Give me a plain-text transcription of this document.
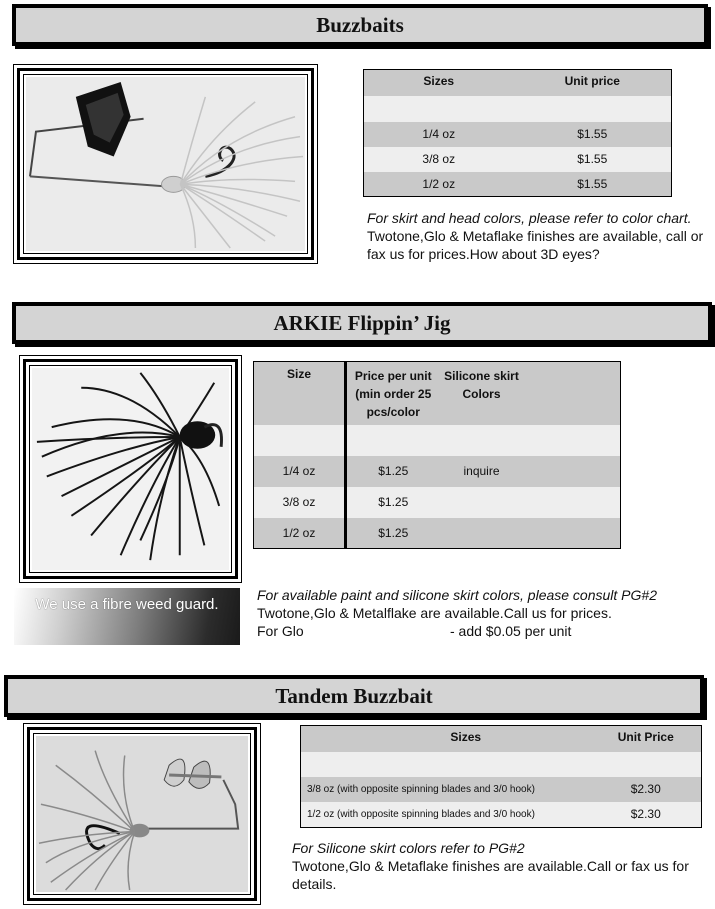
Buzzbaits
Sizes	Unit price

1/4 oz	$1.55
3/8 oz	$1.55
1/2 oz	$1.55
For skirt and head colors, please refer to color chart.
Twotone,Glo & Metaflake finishes are available, call or fax us for prices.How about 3D eyes?
ARKIE Flippin’ Jig
We use a fibre weed guard.
Size	Price per unit (min order 25 pcs/color	Silicone skirt Colors	

1/4 oz	$1.25	inquire	
3/8 oz	$1.25		
1/2 oz	$1.25		
For available paint and silicone skirt colors, please consult PG#2
Twotone,Glo & Metalflake are available.Call us for prices.
For Glo	- add $0.05 per unit
Tandem Buzzbait
Sizes	Unit Price

3/8 oz (with opposite spinning blades and 3/0 hook)	$2.30
1/2 oz (with opposite spinning blades and 3/0 hook)	$2.30
For Silicone skirt colors refer to PG#2
Twotone,Glo & Metaflake finishes are available.Call or fax us for details.
